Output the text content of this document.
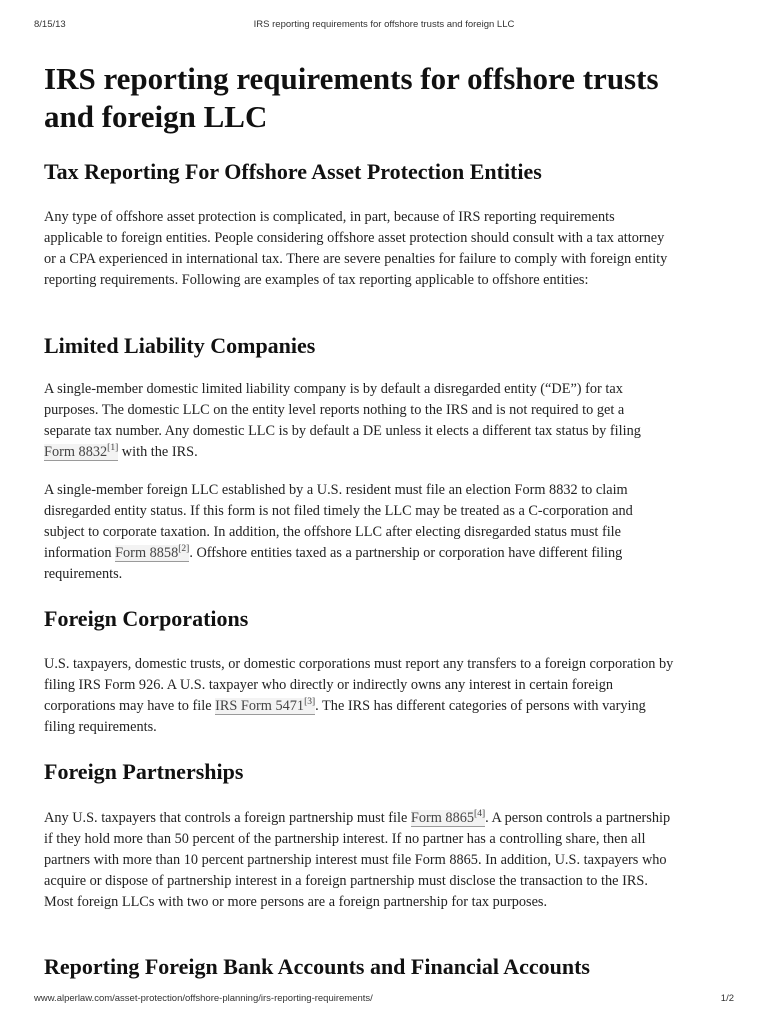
8/15/13	IRS reporting requirements for offshore trusts and foreign LLC
IRS reporting requirements for offshore trusts and foreign LLC
Tax Reporting For Offshore Asset Protection Entities

Any type of offshore asset protection is complicated, in part, because of IRS reporting requirements applicable to foreign entities. People considering offshore asset protection should consult with a tax attorney or a CPA experienced in international tax. There are severe penalties for failure to comply with foreign entity reporting requirements. Following are examples of tax reporting applicable to offshore entities:

Limited Liability Companies

A single-member domestic limited liability company is by default a disregarded entity (“DE”) for tax purposes. The domestic LLC on the entity level reports nothing to the IRS and is not required to get a separate tax number. Any domestic LLC is by default a DE unless it elects a different tax status by filing Form 8832[1] with the IRS.

A single-member foreign LLC established by a U.S. resident must file an election Form 8832 to claim disregarded entity status. If this form is not filed timely the LLC may be treated as a C-corporation and subject to corporate taxation. In addition, the offshore LLC after electing disregarded status must file information Form 8858[2]. Offshore entities taxed as a partnership or corporation have different filing requirements.

Foreign Corporations

U.S. taxpayers, domestic trusts, or domestic corporations must report any transfers to a foreign corporation by filing IRS Form 926. A U.S. taxpayer who directly or indirectly owns any interest in certain foreign corporations may have to file IRS Form 5471[3]. The IRS has different categories of persons with varying filing requirements.

Foreign Partnerships

Any U.S. taxpayers that controls a foreign partnership must file Form 8865[4]. A person controls a partnership if they hold more than 50 percent of the partnership interest. If no partner has a controlling share, then all partners with more than 10 percent partnership interest must file Form 8865. In addition, U.S. taxpayers who acquire or dispose of partnership interest in a foreign partnership must disclose the transaction to the IRS. Most foreign LLCs with two or more persons are a foreign partnership for tax purposes.

Reporting Foreign Bank Accounts and Financial Accounts
www.alperlaw.com/asset-protection/offshore-planning/irs-reporting-requirements/	1/2
